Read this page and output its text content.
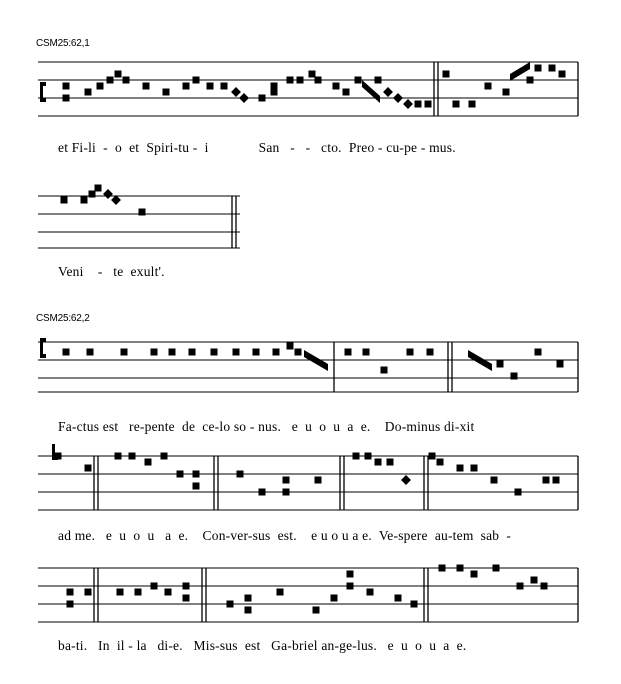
CSM25:62,1
et Fi-li  -  o  et  Spiri-tu -  i              San   -   -   cto.  Preo - cu-pe - mus.
Veni    -   te  exult'.
CSM25:62,2
Fa-ctus est   re-pente  de  ce-lo so - nus.   e  u  o  u  a  e.    Do-minus di-xit
ad me.   e  u  o  u   a  e.    Con-ver-sus  est.    e u o u a e.  Ve-spere  au-tem  sab  -
ba-ti.   In  il - la   di-e.   Mis-sus  est   Ga-briel an-ge-lus.   e  u  o  u  a  e.
